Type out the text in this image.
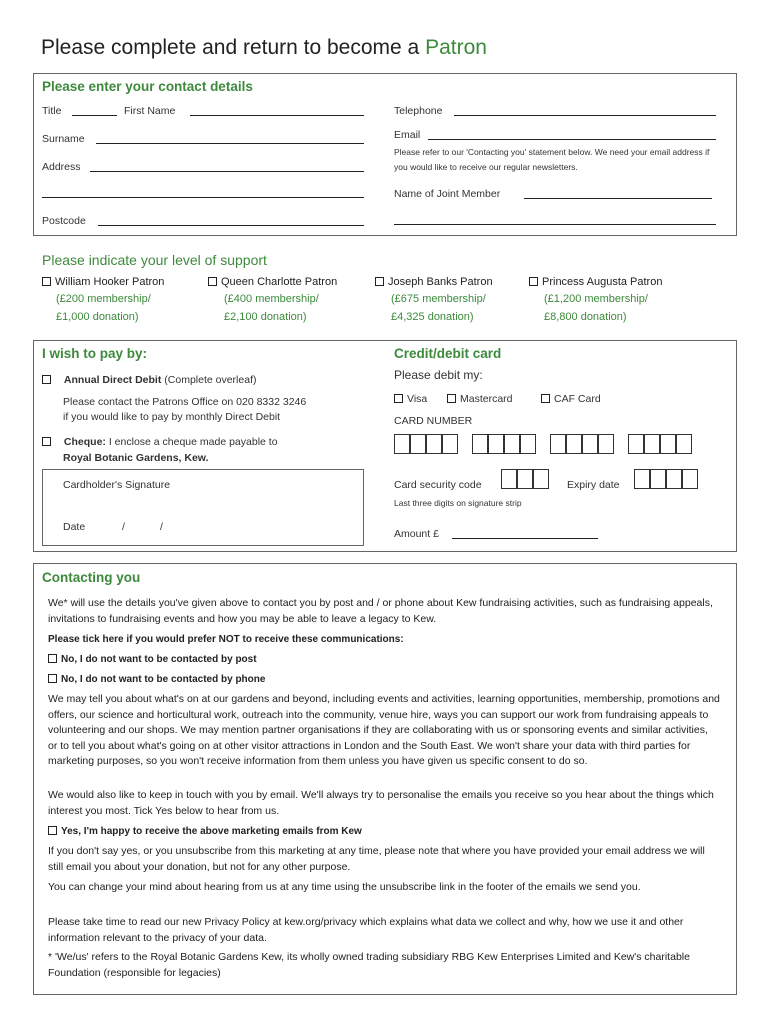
Please complete and return to become a Patron
Please enter your contact details
Title	First Name
Surname
Address
Postcode
Telephone
Email
Please refer to our 'Contacting you' statement below. We need your email address if you would like to receive our regular newsletters.
Name of Joint Member
Please indicate your level of support
William Hooker Patron
(£200 membership/
£1,000 donation)
Queen Charlotte Patron
(£400 membership/
£2,100 donation)
Joseph Banks Patron
(£675 membership/
£4,325 donation)
Princess Augusta Patron
(£1,200 membership/
£8,800 donation)
I wish to pay by:
Annual Direct Debit (Complete overleaf)
Please contact the Patrons Office on 020 8332 3246
if you would like to pay by monthly Direct Debit
Cheque: I enclose a cheque made payable to
Royal Botanic Gardens, Kew.
Cardholder's Signature
Date	/	/
Credit/debit card
Please debit my:
Visa	Mastercard	CAF Card
CARD NUMBER
Card security code	Expiry date
Last three digits on signature strip
Amount £
Contacting you
We* will use the details you've given above to contact you by post and / or phone about Kew fundraising activities, such as fundraising appeals, invitations to fundraising events and how you may be able to leave a legacy to Kew.
Please tick here if you would prefer NOT to receive these communications:
No, I do not want to be contacted by post
No, I do not want to be contacted by phone
We may tell you about what's on at our gardens and beyond, including events and activities, learning opportunities, membership, promotions and offers, our science and horticultural work, outreach into the community, venue hire, ways you can support our work from fundraising appeals to volunteering and our shops. We may mention partner organisations if they are collaborating with us or sponsoring events and similar activities, or to tell you about what's going on at other visitor attractions in London and the South East. We won't share your data with third parties for marketing purposes, so you won't receive information from them unless you have given us specific consent to do so.
We would also like to keep in touch with you by email. We'll always try to personalise the emails you receive so you hear about the things which interest you most. Tick Yes below to hear from us.
Yes, I'm happy to receive the above marketing emails from Kew
If you don't say yes, or you unsubscribe from this marketing at any time, please note that where you have provided your email address we will still email you about your donation, but not for any other purpose.
You can change your mind about hearing from us at any time using the unsubscribe link in the footer of the emails we send you.
Please take time to read our new Privacy Policy at kew.org/privacy which explains what data we collect and why, how we use it and other information relevant to the privacy of your data.
* 'We/us' refers to the Royal Botanic Gardens Kew, its wholly owned trading subsidiary RBG Kew Enterprises Limited and Kew's charitable Foundation (responsible for legacies)
